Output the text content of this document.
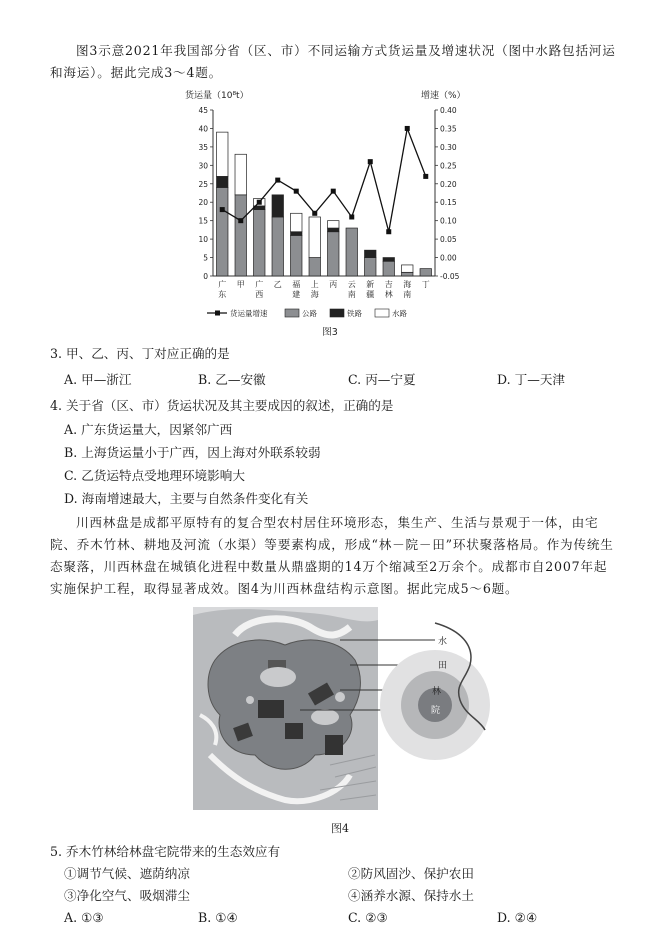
图3示意2021年我国部分省（区、市）不同运输方式货运量及增速状况（图中水路包括河运和海运）。据此完成3～4题。
货运量（10⁸t）	增速（%）
0
5
10
15
20
25
30
35
40
45	0.40
0.35
0.30
0.25
0.20
0.15
0.10
0.05
0.00
-0.05
广东
甲 广西
乙 福建
上海
丙 云南
新疆
吉林
海南
丁
货运量增速	公路	铁路	水路
图3
3. 甲、乙、丙、丁对应正确的是
A. 甲—浙江	B. 乙—安徽	C. 丙—宁夏	D. 丁—天津
4. 关于省（区、市）货运状况及其主要成因的叙述，正确的是
A. 广东货运量大，因紧邻广西
B. 上海货运量小于广西，因上海对外联系较弱
C. 乙货运特点受地理环境影响大
D. 海南增速最大，主要与自然条件变化有关
川西林盘是成都平原特有的复合型农村居住环境形态，集生产、生活与景观于一体，由宅院、乔木竹林、耕地及河流（水渠）等要素构成，形成“林－院－田”环状聚落格局。作为传统生态聚落，川西林盘在城镇化进程中数量从鼎盛期的14万个缩减至2万余个。成都市自2007年起实施保护工程，取得显著成效。图4为川西林盘结构示意图。据此完成5～6题。
水
田
林
院
图4
5. 乔木竹林给林盘宅院带来的生态效应有
①调节气候、遮荫纳凉	②防风固沙、保护农田
③净化空气、吸烟滞尘	④涵养水源、保持水土
A. ①③	B. ①④	C. ②③	D. ②④
